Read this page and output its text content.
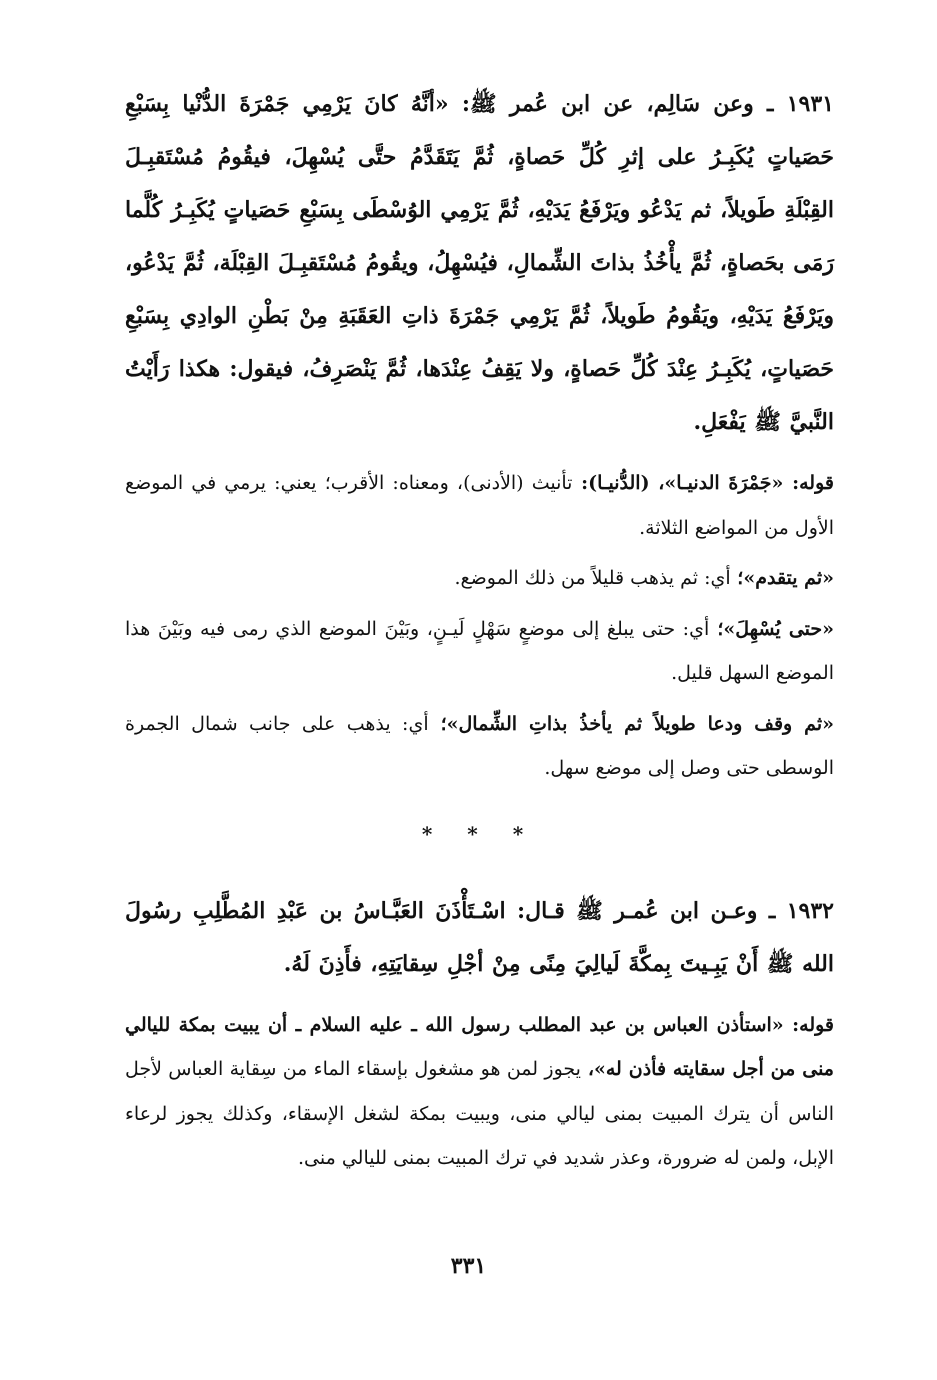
١٩٣١ ـ وعن سَالِم، عن ابن عُمر ﷺ: «أنَّهُ كانَ يَرْمِي جَمْرَةَ الدُّنْيا بِسَبْعِ حَصَياتٍ يُكَبِـرُ على إثرِ كُلِّ حَصاةٍ، ثُمَّ يَتَقَدَّمُ حتَّى يُسْهِلَ، فيقُومُ مُسْتَقبِـلَ القِبْلَةِ طَويلاً، ثم يَدْعُو ويَرْفَعُ يَدَيْهِ، ثُمَّ يَرْمِي الوُسْطَى بِسَبْعِ حَصَياتٍ يُكَبِـرُ كُلَّما رَمَى بحَصاةٍ، ثُمَّ يأْخُذُ بذاتَ الشِّمالِ، فيُسْهِلُ، ويقُومُ مُسْتَقبِـلَ القِبْلَة، ثُمَّ يَدْعُو، ويَرْفَعُ يَدَيْهِ، ويَقُومُ طَويلاً، ثُمَّ يَرْمِي جَمْرَةَ ذاتِ العَقَبَةِ مِنْ بَطْنِ الوادِي بِسَبْعِ حَصَياتٍ، يُكَبِـرُ عِنْدَ كُلِّ حَصاةٍ، ولا يَقِفُ عِنْدَها، ثُمَّ يَنْصَرِفُ، فيقول: هكذا رَأَيْتُ النَّبيَّ ﷺ يَفْعَلِ.

قوله: «جَمْرَةَ الدنيـا»، (الدُّنيـا): تأنيث (الأدنى)، ومعناه: الأقرب؛ يعني: يرمي في الموضع الأول من المواضع الثلاثة.

«ثم يتقدم»؛ أي: ثم يذهب قليلاً من ذلك الموضع.

«حتى يُسْهِلَ»؛ أي: حتى يبلغ إلى موضعٍ سَهْلٍ لَيـنٍ، وبَيْنَ الموضع الذي رمى فيه وبَيْنَ هذا الموضع السهل قليل.

«ثم وقف ودعا طويلاً ثم يأخذُ بذاتِ الشِّمال»؛ أي: يذهب على جانب شمال الجمرة الوسطى حتى وصل إلى موضع سهل.

* * *

١٩٣٢ ـ وعـن ابن عُمـر ﷺ قـال: اسْـتَأْذَنَ العَبَّـاسُ بن عَبْدِ المُطَّلِبِ رسُولَ الله ﷺ أَنْ يَبِـيتَ بِمكَّةَ لَيالِيَ مِنًى مِنْ أجْلِ سِقايَتِهِ، فأَذِنَ لَهُ.

قوله: «استأذن العباس بن عبد المطلب رسول الله ـ عليه السلام ـ أن يبيت بمكة لليالي منى من أجل سقايته فأذن له»، يجوز لمن هو مشغول بإسقاء الماء من سِقاية العباس لأجل الناس أن يترك المبيت بمنى ليالي منى، ويبيت بمكة لشغل الإسقاء، وكذلك يجوز لرعاء الإبل، ولمن له ضرورة، وعذر شديد في ترك المبيت بمنى لليالي منى.

٣٣١
